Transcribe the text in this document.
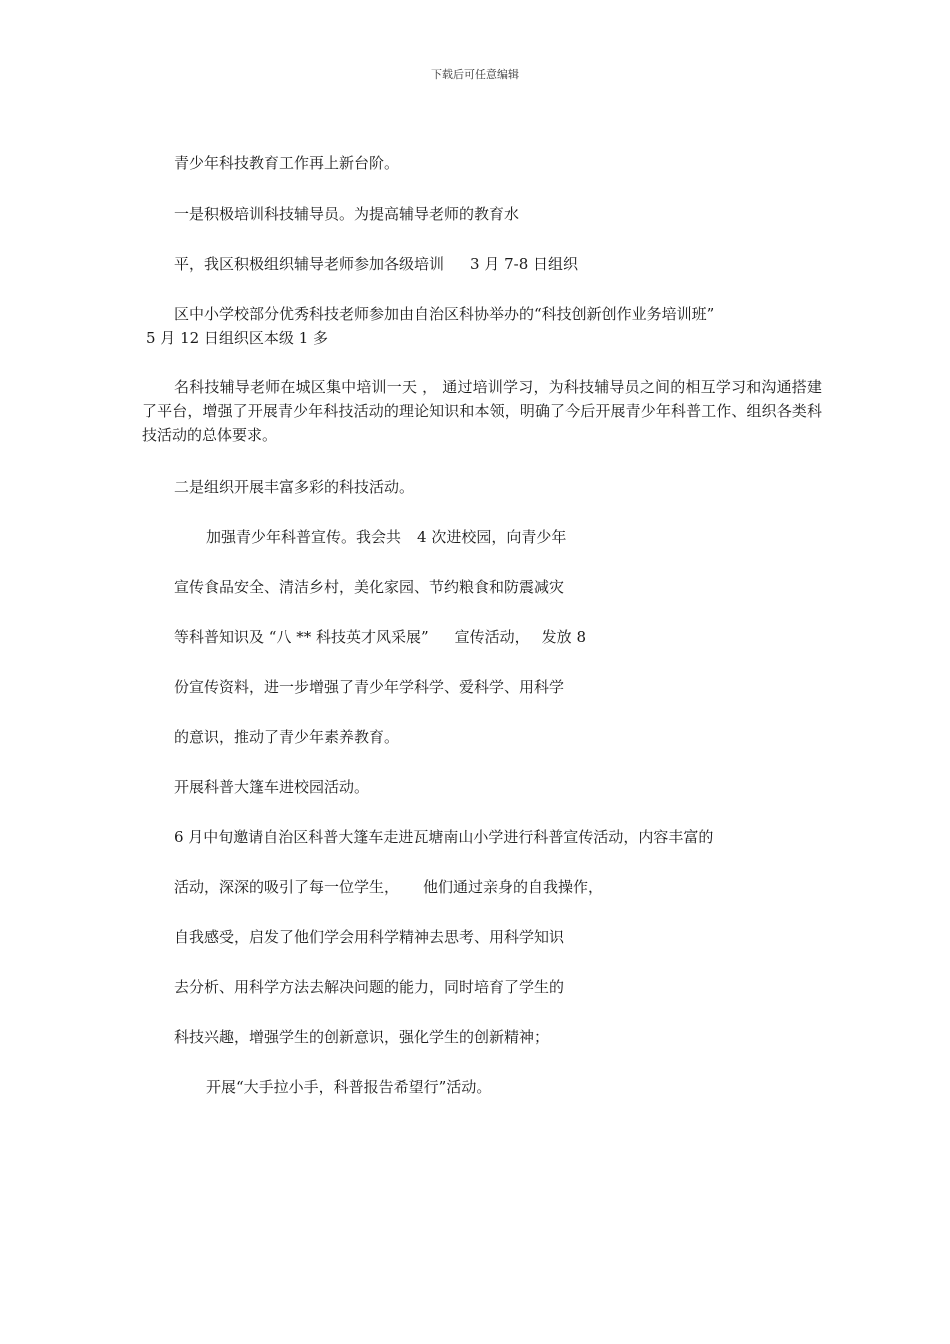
下载后可任意编辑
青少年科技教育工作再上新台阶。
一是积极培训科技辅导员。为提高辅导老师的教育水
平，我区积极组织辅导老师参加各级培训 3 月 7-8 日组织
区中小学校部分优秀科技老师参加由自治区科协举办的“科技创新创作业务培训班”
5 月 12 日组织区本级 1 多
名科技辅导老师在城区集中培训一天 ， 通过培训学习，为科技辅导员之间的相互学习和沟通搭建了平台，增强了开展青少年科技活动的理论知识和本领，明确了今后开展青少年科普工作、组织各类科技活动的总体要求。
二是组织开展丰富多彩的科技活动。
加强青少年科普宣传。我会共 4 次进校园，向青少年
宣传食品安全、清洁乡村，美化家园、节约粮食和防震减灾
等科普知识及 “八 ** 科技英才风采展” 宣传活动， 发放 8
份宣传资料，进一步增强了青少年学科学、爱科学、用科学
的意识，推动了青少年素养教育。
开展科普大篷车进校园活动。
6 月中旬邀请自治区科普大篷车走进瓦塘南山小学进行科普宣传活动，内容丰富的
活动，深深的吸引了每一位学生， 他们通过亲身的自我操作，
自我感受，启发了他们学会用科学精神去思考、用科学知识
去分析、用科学方法去解决问题的能力，同时培育了学生的
科技兴趣，增强学生的创新意识，强化学生的创新精神；
开展“大手拉小手，科普报告希望行”活动。
